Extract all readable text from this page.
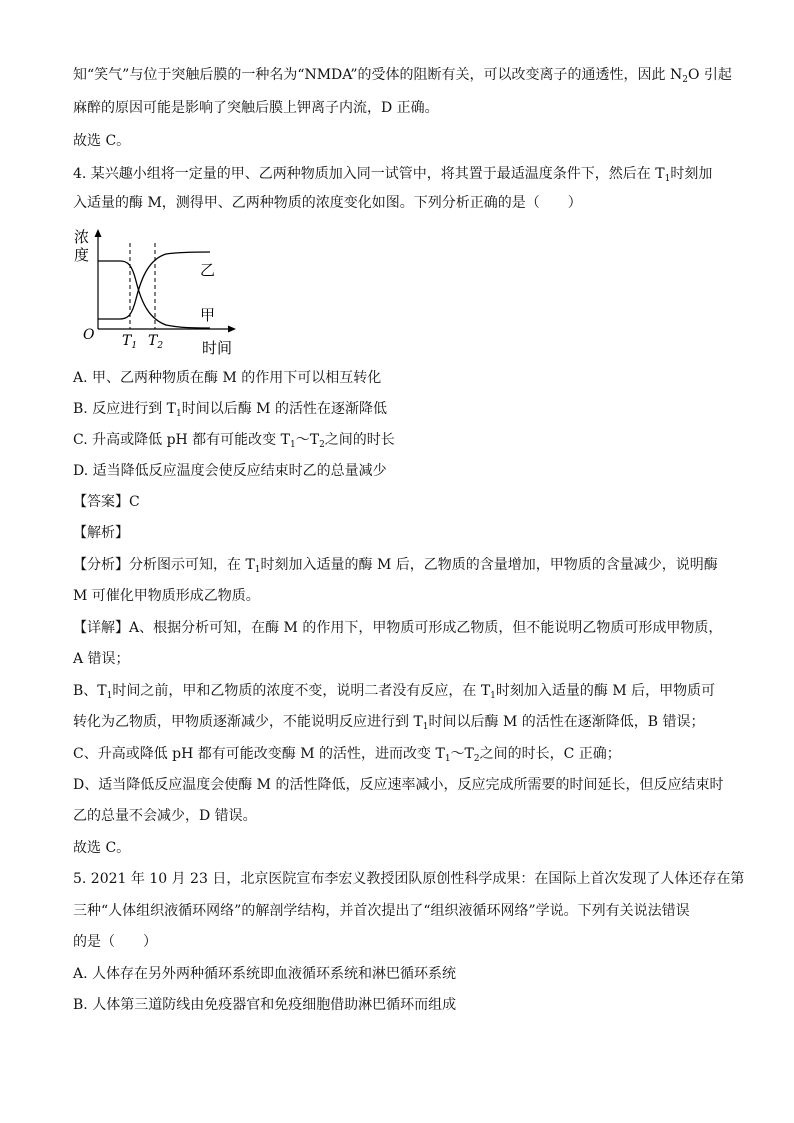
知“笑气”与位于突触后膜的一种名为“NMDA”的受体的阻断有关，可以改变离子的通透性，因此 $N_2O$ 引起
麻醉的原因可能是影响了突触后膜上钾离子内流，D 正确。
故选 C。
4. 某兴趣小组将一定量的甲、乙两种物质加入同一试管中，将其置于最适温度条件下，然后在 $T_1$时刻加
入适量的酶 M，测得甲、乙两种物质的浓度变化如图。下列分析正确的是（　　）
浓
度
O $T_1$ $T_2$	时间
乙
甲
A. 甲、乙两种物质在酶 M 的作用下可以相互转化
B. 反应进行到 $T_1$时间以后酶 M 的活性在逐渐降低
C. 升高或降低 pH 都有可能改变 $T_1\sim T_2$之间的时长
D. 适当降低反应温度会使反应结束时乙的总量减少
【答案】C
【解析】
【分析】分析图示可知，在 $T_1$时刻加入适量的酶 M 后，乙物质的含量增加，甲物质的含量减少，说明酶
M 可催化甲物质形成乙物质。
【详解】A、根据分析可知，在酶 M 的作用下，甲物质可形成乙物质，但不能说明乙物质可形成甲物质，
A 错误；
B、$T_1$时间之前，甲和乙物质的浓度不变，说明二者没有反应，在 $T_1$时刻加入适量的酶 M 后，甲物质可
转化为乙物质，甲物质逐渐减少，不能说明反应进行到 $T_1$时间以后酶 M 的活性在逐渐降低，B 错误；
C、升高或降低 pH 都有可能改变酶 M 的活性，进而改变 $T_1\sim T_2$之间的时长，C 正确；
D、适当降低反应温度会使酶 M 的活性降低，反应速率减小，反应完成所需要的时间延长，但反应结束时
乙的总量不会减少，D 错误。
故选 C。
5. 2021 年 10 月 23 日，北京医院宣布李宏义教授团队原创性科学成果：在国际上首次发现了人体还存在第
三种“人体组织液循环网络”的解剖学结构，并首次提出了“组织液循环网络”学说。下列有关说法错误
的是（　　）
A. 人体存在另外两种循环系统即血液循环系统和淋巴循环系统
B. 人体第三道防线由免疫器官和免疫细胞借助淋巴循环而组成
